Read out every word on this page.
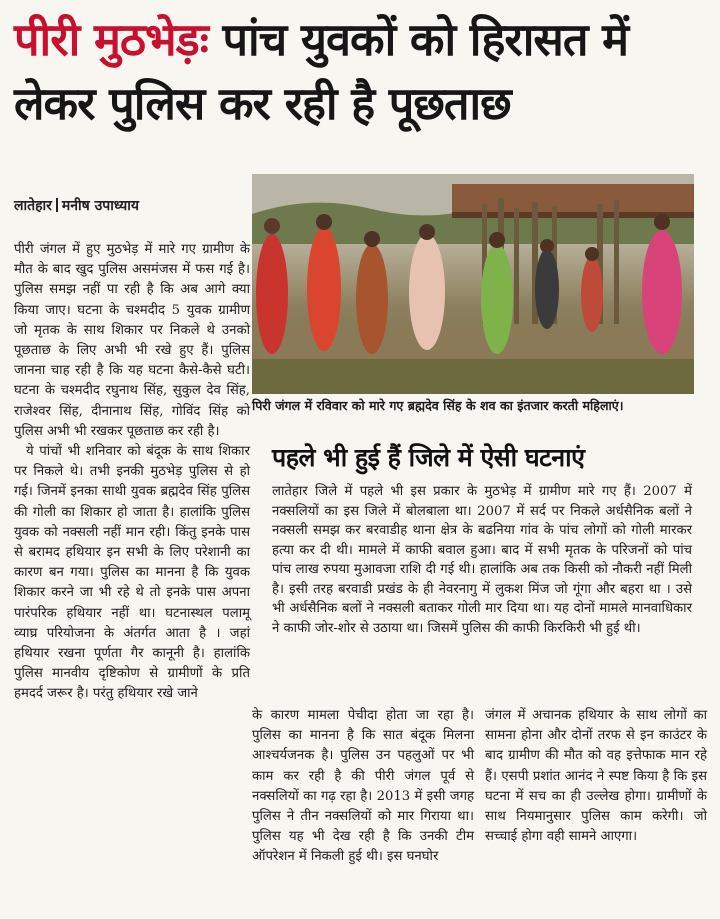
पीरी मुठभेड़ः पांच युवकों को हिरासत में लेकर पुलिस कर रही है पूछताछ
लातेहार मनीष उपाध्याय

पीरी जंगल में हुए मुठभेड़ में मारे गए ग्रामीण के मौत के बाद खुद पुलिस असमंजस में फस गई है। पुलिस समझ नहीं पा रही है कि अब आगे क्या किया जाए। घटना के चश्मदीद 5 युवक ग्रामीण जो मृतक के साथ शिकार पर निकले थे उनको पूछताछ के लिए अभी भी रखे हुए हैं। पुलिस जानना चाह रही है कि यह घटना कैसे-कैसे घटी। घटना के चश्मदीद रघुनाथ सिंह, सुकुल देव सिंह, राजेश्वर सिंह, दीनानाथ सिंह, गोविंद सिंह को पुलिस अभी भी रखकर पूछताछ कर रही है।

ये पांचों भी शनिवार को बंदूक के साथ शिकार पर निकले थे। तभी इनकी मुठभेड़ पुलिस से हो गई। जिनमें इनका साथी युवक ब्रह्मदेव सिंह पुलिस की गोली का शिकार हो जाता है। हालांकि पुलिस युवक को नक्सली नहीं मान रही। किंतु इनके पास से बरामद हथियार इन सभी के लिए परेशानी का कारण बन गया। पुलिस का मानना है कि युवक शिकार करने जा भी रहे थे तो इनके पास अपना पारंपरिक हथियार नहीं था। घटनास्थल पलामू व्याघ्र परियोजना के अंतर्गत आता है । जहां हथियार रखना पूर्णता गैर कानूनी है। हालांकि पुलिस मानवीय दृष्टिकोण से ग्रामीणों के प्रति हमदर्द जरूर है। परंतु हथियार रखे जाने

पिरी जंगल में रविवार को मारे गए ब्रह्मदेव सिंह के शव का इंतजार करती महिलाएं।
पहले भी हुई हैं जिले में ऐसी घटनाएं
लातेहार जिले में पहले भी इस प्रकार के मुठभेड़ में ग्रामीण मारे गए हैं। 2007 में नक्सलियों का इस जिले में बोलबाला था। 2007 में सर्द पर निकले अर्धसैनिक बलों ने नक्सली समझ कर बरवाडीह थाना क्षेत्र के बढनिया गांव के पांच लोगों को गोली मारकर हत्या कर दी थी। मामले में काफी बवाल हुआ। बाद में सभी मृतक के परिजनों को पांच पांच लाख रुपया मुआवजा राशि दी गई थी। हालांकि अब तक किसी को नौकरी नहीं मिली है। इसी तरह बरवाडी प्रखंड के ही नेवरनागु में लुकश मिंज जो गूंगा और बहरा था । उसे भी अर्धसैनिक बलों ने नक्सली बताकर गोली मार दिया था। यह दोनों मामले मानवाधिकार ने काफी जोर-शोर से उठाया था। जिसमें पुलिस की काफी किरकिरी भी हुई थी।

के कारण मामला पेचीदा होता जा रहा है। पुलिस का मानना है कि सात बंदूक मिलना आश्चर्यजनक है। पुलिस उन पहलुओं पर भी काम कर रही है की पीरी जंगल पूर्व से नक्सलियों का गढ़ रहा है। 2013 में इसी जगह पुलिस ने तीन नक्सलियों को मार गिराया था। पुलिस यह भी देख रही है कि उनकी टीम ऑपरेशन में निकली हुई थी। इस घनघोर

जंगल में अचानक हथियार के साथ लोगों का सामना होना और दोनों तरफ से इन काउंटर के बाद ग्रामीण की मौत को वह इत्तेफाक मान रहे हैं। एसपी प्रशांत आनंद ने स्पष्ट किया है कि इस घटना में सच का ही उल्लेख होगा। ग्रामीणों के साथ नियमानुसार पुलिस काम करेगी। जो सच्चाई होगा वही सामने आएगा।
